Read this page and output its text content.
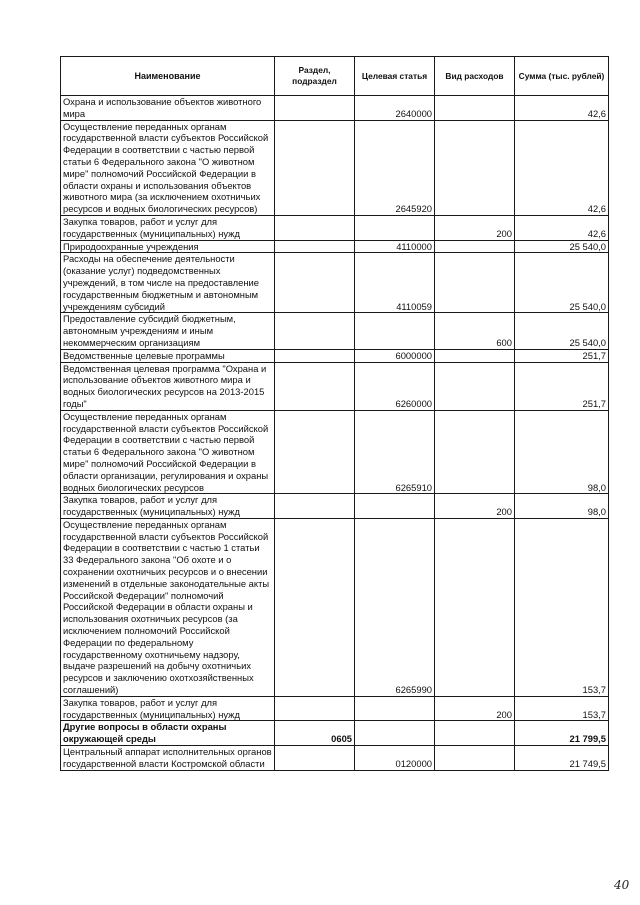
Наименование	Раздел, подраздел	Целевая статья	Вид расходов	Сумма (тыс. рублей)
Охрана и использование объектов животного мира		2640000		42,6
Осуществление переданных органам государственной власти субъектов Российской Федерации в соответствии с частью первой статьи 6 Федерального закона "О животном мире" полномочий Российской Федерации в области охраны и использования объектов животного мира (за исключением охотничьих ресурсов и водных биологических ресурсов)		2645920		42,6
Закупка товаров, работ и услуг для государственных (муниципальных) нужд			200	42,6
Природоохранные учреждения		4110000		25 540,0
Расходы на обеспечение деятельности (оказание услуг) подведомственных учреждений, в том числе на предоставление государственным бюджетным и автономным учреждениям субсидий		4110059		25 540,0
Предоставление субсидий бюджетным, автономным учреждениям и иным некоммерческим организациям			600	25 540,0
Ведомственные целевые программы		6000000		251,7
Ведомственная целевая программа "Охрана и использование объектов животного мира и водных биологических ресурсов на 2013-2015 годы"		6260000		251,7
Осуществление переданных органам государственной власти субъектов Российской Федерации в соответствии с частью первой статьи 6 Федерального закона "О животном мире" полномочий Российской Федерации в области организации, регулирования и охраны водных биологических ресурсов		6265910		98,0
Закупка товаров, работ и услуг для государственных (муниципальных) нужд			200	98,0
Осуществление переданных органам государственной власти субъектов Российской Федерации в соответствии с частью 1 статьи 33 Федерального закона "Об охоте и о сохранении охотничьих ресурсов и о внесении изменений в отдельные законодательные акты Российской Федерации" полномочий Российской Федерации в области охраны и использования охотничьих ресурсов (за исключением полномочий Российской Федерации по федеральному государственному охотничьему надзору, выдаче разрешений на добычу охотничьих ресурсов и заключению охотхозяйственных соглашений)		6265990		153,7
Закупка товаров, работ и услуг для государственных (муниципальных) нужд			200	153,7
Другие вопросы в области охраны окружающей среды	0605			21 799,5
Центральный аппарат исполнительных органов государственной власти Костромской области		0120000		21 749,5
40
